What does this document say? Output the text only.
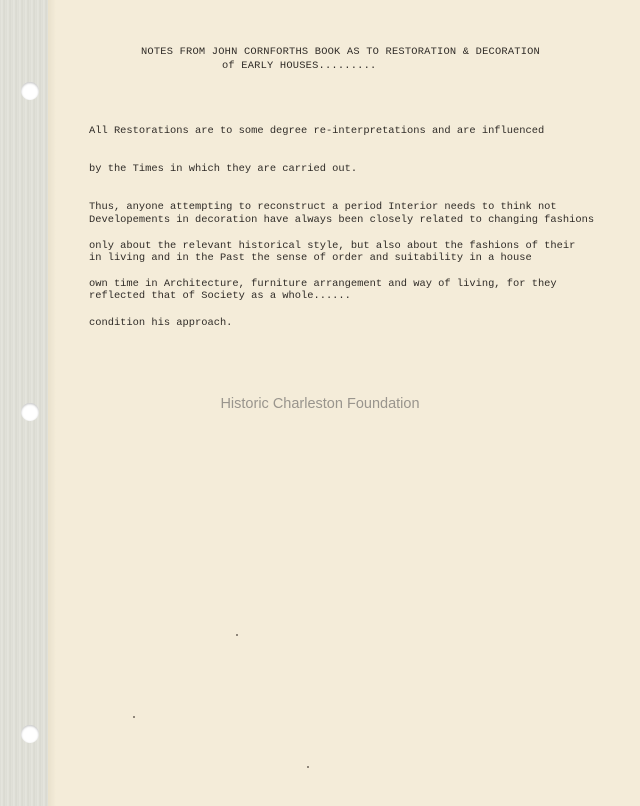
NOTES FROM JOHN CORNFORTHS BOOK AS TO RESTORATION & DECORATION

of EARLY HOUSES.........

All Restorations are to some degree re-interpretations and are influenced

by the Times in which they are carried out.

Thus, anyone attempting to reconstruct a period Interior needs to think not

only about the relevant historical style, but also about the fashions of their

own time in Architecture, furniture arrangement and way of living, for they

condition his approach.

Developements in decoration have always been closely related to changing fashions

in living and in the Past the sense of order and suitability in a house

reflected that of Society as a whole......

Historic Charleston Foundation
